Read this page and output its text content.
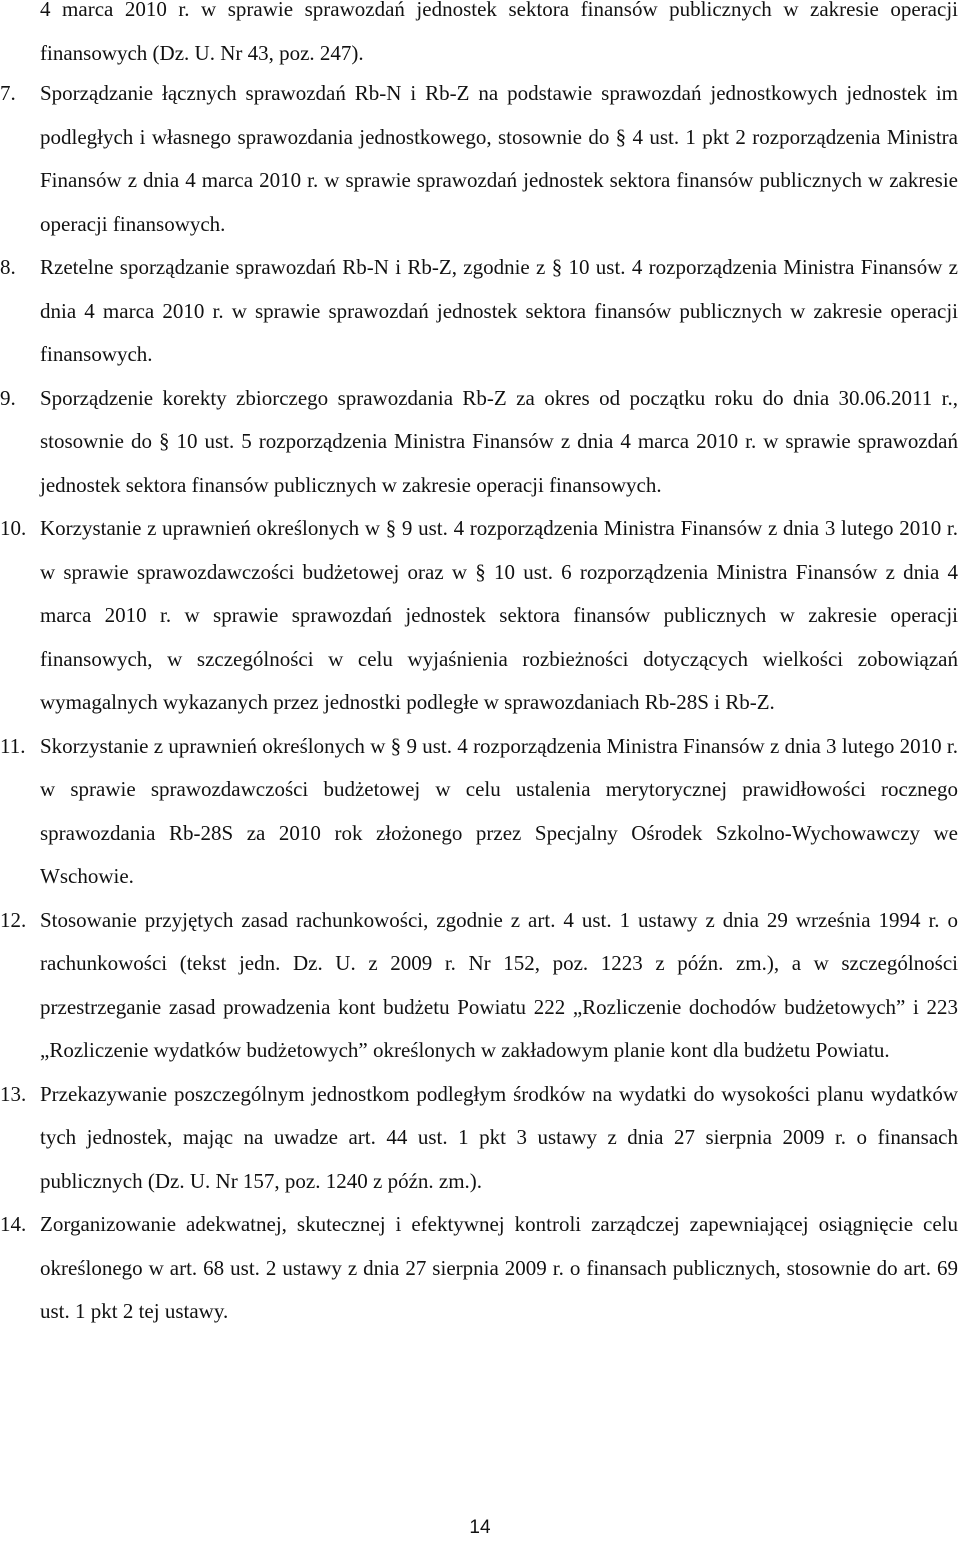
4 marca 2010 r. w sprawie sprawozdań jednostek sektora finansów publicznych w zakresie operacji finansowych (Dz. U. Nr 43, poz. 247).

7.	Sporządzanie łącznych sprawozdań Rb-N i Rb-Z na podstawie sprawozdań jednostkowych jednostek im podległych i własnego sprawozdania jednostkowego, stosownie do § 4 ust. 1 pkt 2 rozporządzenia Ministra Finansów z dnia 4 marca 2010 r. w sprawie sprawozdań jednostek sektora finansów publicznych w zakresie operacji finansowych.
8.	Rzetelne sporządzanie sprawozdań Rb-N i Rb-Z, zgodnie z § 10 ust. 4 rozporządzenia Ministra Finansów z dnia 4 marca 2010 r. w sprawie sprawozdań jednostek sektora finansów publicznych w zakresie operacji finansowych.
9.	Sporządzenie korekty zbiorczego sprawozdania Rb-Z za okres od początku roku do dnia 30.06.2011 r., stosownie do § 10 ust. 5 rozporządzenia Ministra Finansów z dnia 4 marca 2010 r. w sprawie sprawozdań jednostek sektora finansów publicznych w zakresie operacji finansowych.
10. Korzystanie z uprawnień określonych w § 9 ust. 4 rozporządzenia Ministra Finansów z dnia 3 lutego 2010 r. w sprawie sprawozdawczości budżetowej oraz w § 10 ust. 6 rozporządzenia Ministra Finansów z dnia 4 marca 2010 r. w sprawie sprawozdań jednostek sektora finansów publicznych w zakresie operacji finansowych, w szczególności w celu wyjaśnienia rozbieżności dotyczących wielkości zobowiązań wymagalnych wykazanych przez jednostki podległe w sprawozdaniach Rb-28S i Rb-Z.
11. Skorzystanie z uprawnień określonych w § 9 ust. 4 rozporządzenia Ministra Finansów z dnia 3 lutego 2010 r. w sprawie sprawozdawczości budżetowej w celu ustalenia merytorycznej prawidłowości rocznego sprawozdania Rb-28S za 2010 rok złożonego przez Specjalny Ośrodek Szkolno-Wychowawczy we Wschowie.
12. Stosowanie przyjętych zasad rachunkowości, zgodnie z art. 4 ust. 1 ustawy z dnia 29 września 1994 r. o rachunkowości (tekst jedn. Dz. U. z 2009 r. Nr 152, poz. 1223 z późn. zm.), a w szczególności przestrzeganie zasad prowadzenia kont budżetu Powiatu 222 „Rozliczenie dochodów budżetowych” i 223 „Rozliczenie wydatków budżetowych” określonych w zakładowym planie kont dla budżetu Powiatu.
13. Przekazywanie poszczególnym jednostkom podległym środków na wydatki do wysokości planu wydatków tych jednostek, mając na uwadze art. 44 ust. 1 pkt 3 ustawy z dnia 27 sierpnia 2009 r. o finansach publicznych (Dz. U. Nr 157, poz. 1240 z późn. zm.).
14. Zorganizowanie adekwatnej, skutecznej i efektywnej kontroli zarządczej zapewniającej osiągnięcie celu określonego w art. 68 ust. 2 ustawy z dnia 27 sierpnia 2009 r. o finansach publicznych, stosownie do art. 69 ust. 1 pkt 2 tej ustawy.
14
